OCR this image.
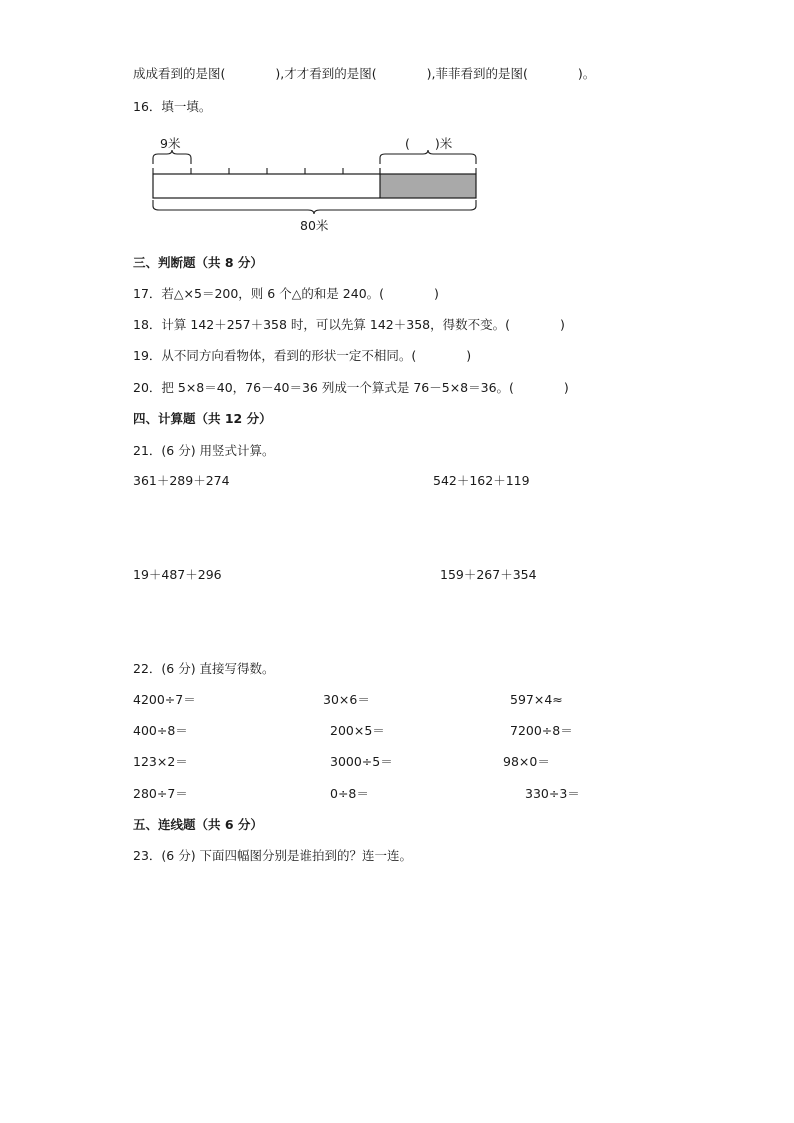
成成看到的是图(　　　　),才才看到的是图(　　　　),菲菲看到的是图(　　　　)。
16．填一填。
9米	(　　)米
80米
三、判断题（共 8 分）
17．若△×5＝200，则 6 个△的和是 240。(　　　　)
18．计算 142＋257＋358 时，可以先算 142＋358，得数不变。(　　　　)
19．从不同方向看物体，看到的形状一定不相同。(　　　　)
20．把 5×8＝40，76－40＝36 列成一个算式是 76－5×8＝36。(　　　　)
四、计算题（共 12 分）
21．(6 分) 用竖式计算。
361＋289＋274	542＋162＋119
19＋487＋296	159＋267＋354
22．(6 分) 直接写得数。
4200÷7＝	30×6＝	597×4≈
400÷8＝	200×5＝	7200÷8＝
123×2＝	3000÷5＝	98×0＝
280÷7＝	0÷8＝	330÷3＝
五、连线题（共 6 分）
23．(6 分) 下面四幅图分别是谁拍到的？连一连。
